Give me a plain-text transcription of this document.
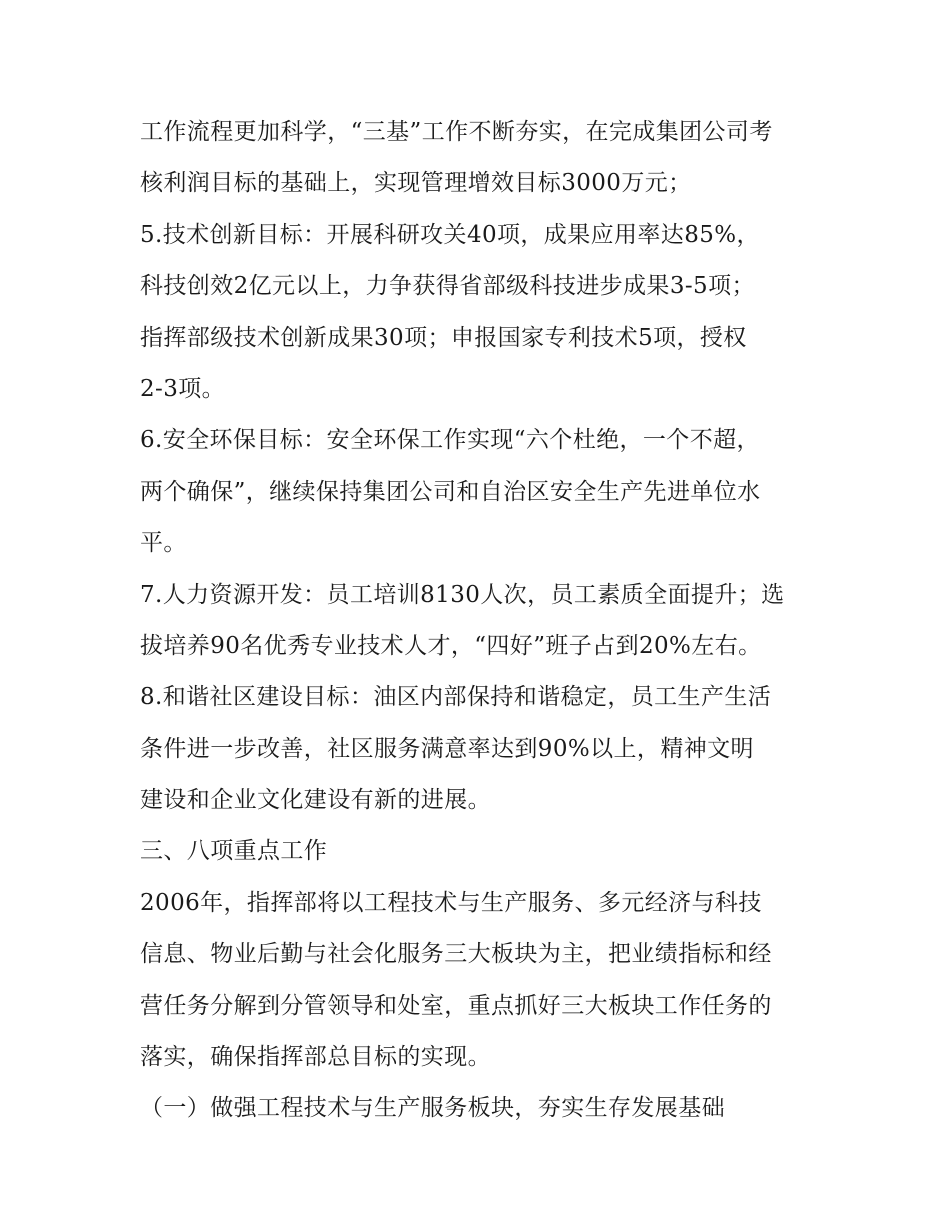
工作流程更加科学，“三基”工作不断夯实，在完成集团公司考
核利润目标的基础上，实现管理增效目标3000万元；
5.技术创新目标：开展科研攻关40项，成果应用率达85%，
科技创效2亿元以上，力争获得省部级科技进步成果3-5项；
指挥部级技术创新成果30项；申报国家专利技术5项，授权
2-3项。
6.安全环保目标：安全环保工作实现“六个杜绝，一个不超，
两个确保”，继续保持集团公司和自治区安全生产先进单位水
平。
7.人力资源开发：员工培训8130人次，员工素质全面提升；选
拔培养90名优秀专业技术人才，“四好”班子占到20%左右。
8.和谐社区建设目标：油区内部保持和谐稳定，员工生产生活
条件进一步改善，社区服务满意率达到90%以上，精神文明
建设和企业文化建设有新的进展。
三、八项重点工作
2006年，指挥部将以工程技术与生产服务、多元经济与科技
信息、物业后勤与社会化服务三大板块为主，把业绩指标和经
营任务分解到分管领导和处室，重点抓好三大板块工作任务的
落实，确保指挥部总目标的实现。
（一）做强工程技术与生产服务板块，夯实生存发展基础
